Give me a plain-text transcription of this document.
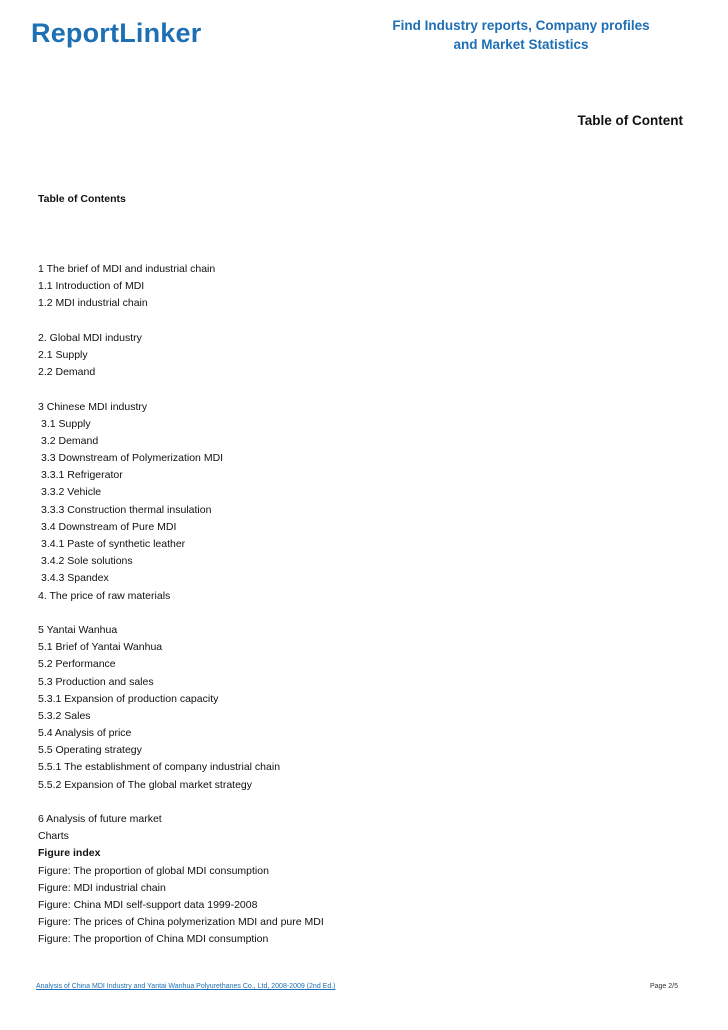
ReportLinker	Find Industry reports, Company profiles
and Market Statistics
Table of Content
Table of Contents
1 The brief of MDI and industrial chain
1.1 Introduction of MDI
1.2 MDI industrial chain
2. Global MDI industry
2.1 Supply
2.2 Demand
3 Chinese MDI industry
3.1 Supply
3.2 Demand
3.3 Downstream of Polymerization MDI
3.3.1 Refrigerator
3.3.2 Vehicle
3.3.3 Construction thermal insulation
3.4 Downstream of Pure MDI
3.4.1 Paste of synthetic leather
3.4.2 Sole solutions
3.4.3 Spandex
4. The price of raw materials
5 Yantai Wanhua
5.1 Brief of Yantai Wanhua
5.2 Performance
5.3 Production and sales
5.3.1 Expansion of production capacity
5.3.2 Sales
5.4 Analysis of price
5.5 Operating strategy
5.5.1 The establishment of company industrial chain
5.5.2 Expansion of The global market strategy
6 Analysis of future market
Charts
Figure index
Figure: The proportion of global MDI consumption
Figure: MDI industrial chain
Figure: China MDI self-support data 1999-2008
Figure: The prices of China polymerization MDI and pure MDI
Figure: The proportion of China MDI consumption
Analysis of China MDI Industry and Yantai Wanhua Polyurethanes Co., Ltd, 2008-2009 (2nd Ed.)	Page 2/5
